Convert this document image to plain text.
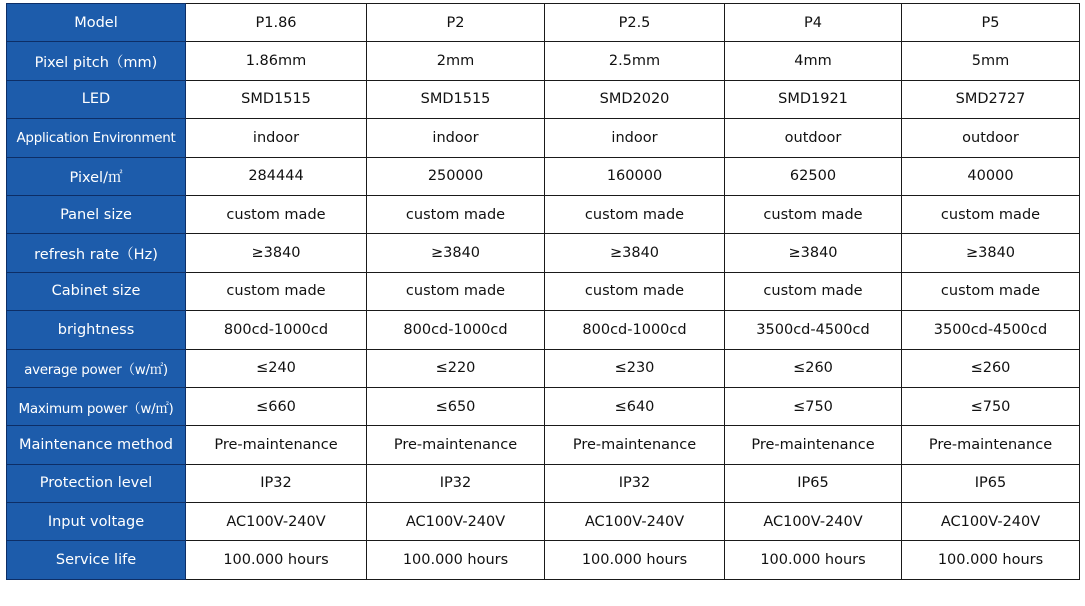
Model	P1.86	P2	P2.5	P4	P5
Pixel pitch（mm)	1.86mm	2mm	2.5mm	4mm	5mm
LED	SMD1515	SMD1515	SMD2020	SMD1921	SMD2727
Application Environment	indoor	indoor	indoor	outdoor	outdoor
Pixel/㎡	284444	250000	160000	62500	40000
Panel size	custom made	custom made	custom made	custom made	custom made
refresh rate（Hz)	≥3840	≥3840	≥3840	≥3840	≥3840
Cabinet size	custom made	custom made	custom made	custom made	custom made
brightness	800cd-1000cd	800cd-1000cd	800cd-1000cd	3500cd-4500cd	3500cd-4500cd
average power（w/㎡)	≤240	≤220	≤230	≤260	≤260
Maximum power（w/㎡)	≤660	≤650	≤640	≤750	≤750
Maintenance method	Pre-maintenance	Pre-maintenance	Pre-maintenance	Pre-maintenance	Pre-maintenance
Protection level	IP32	IP32	IP32	IP65	IP65
Input voltage	AC100V-240V	AC100V-240V	AC100V-240V	AC100V-240V	AC100V-240V
Service life	100.000 hours	100.000 hours	100.000 hours	100.000 hours	100.000 hours
